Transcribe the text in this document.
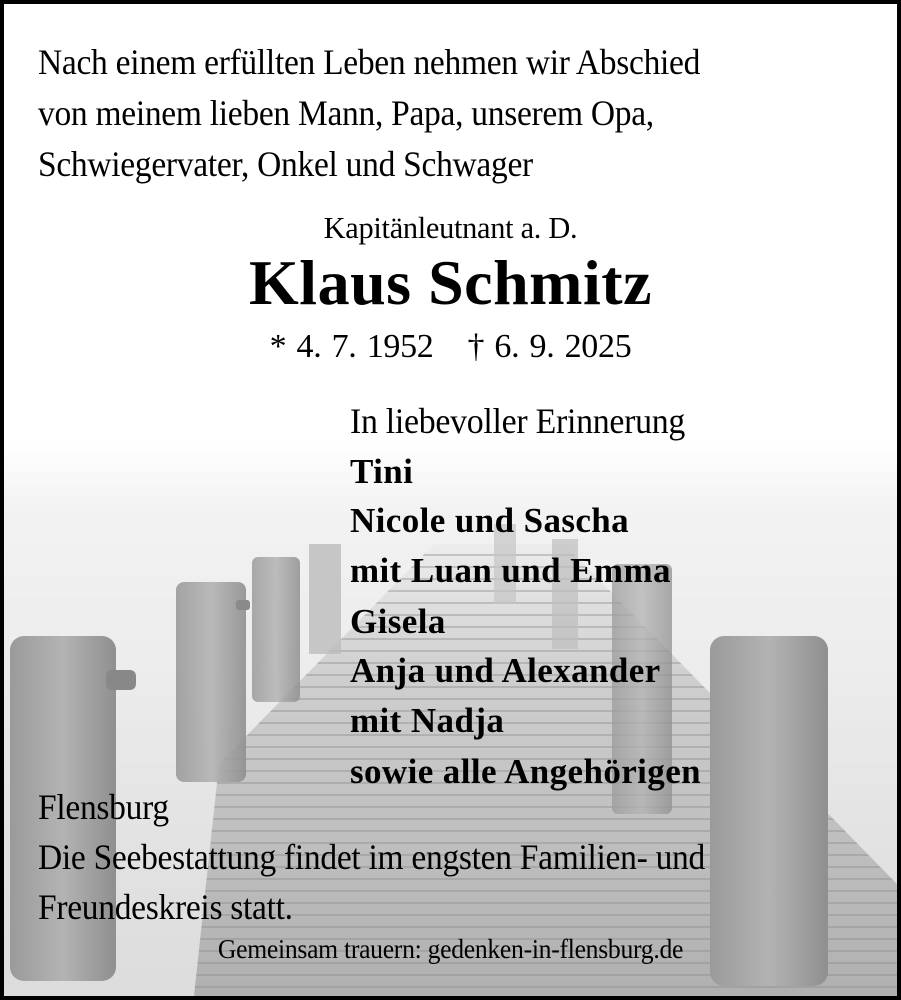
Nach einem erfüllten Leben nehmen wir Abschied
von meinem lieben Mann, Papa, unserem Opa,
Schwiegervater, Onkel und Schwager
Kapitänleutnant a. D.
Klaus Schmitz
* 4. 7. 1952 † 6. 9. 2025
In liebevoller Erinnerung
Tini
Nicole und Sascha
mit Luan und Emma
Gisela
Anja und Alexander
mit Nadja
sowie alle Angehörigen
Flensburg
Die Seebestattung findet im engsten Familien- und
Freundeskreis statt.
Gemeinsam trauern: gedenken-in-flensburg.de
